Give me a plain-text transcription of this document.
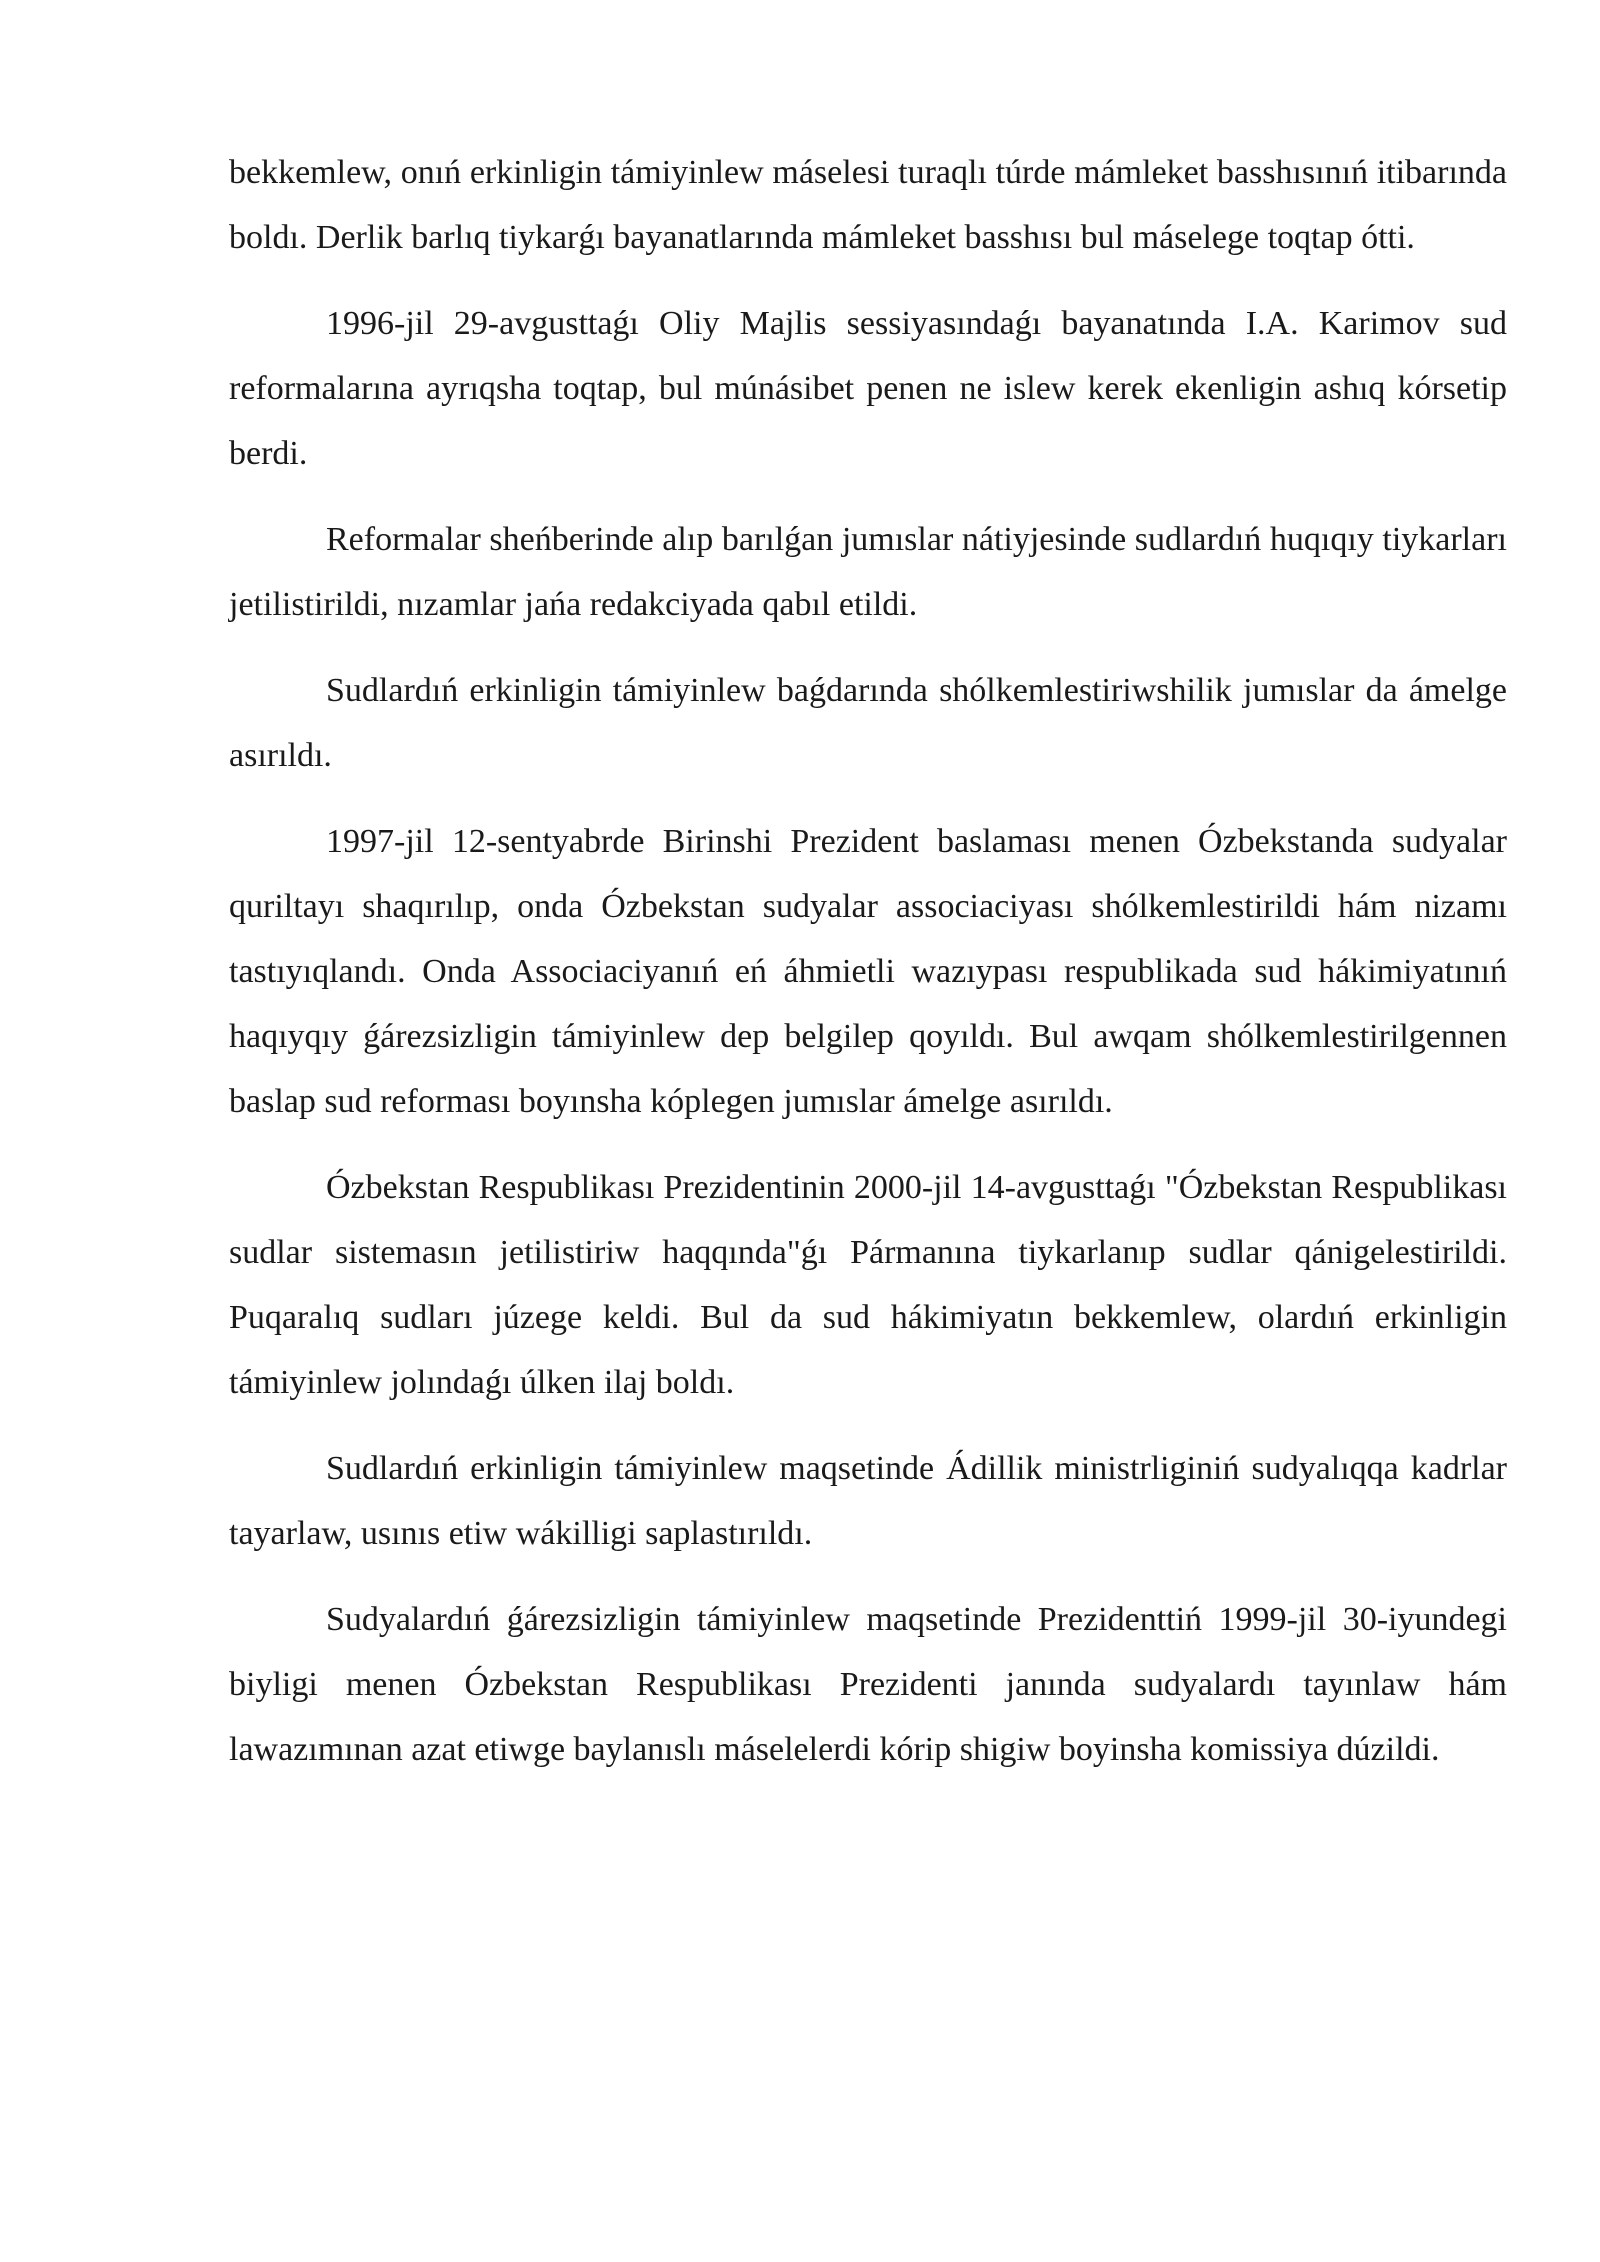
bekkemlew, onıń erkinligin támiyinlew máselesi turaqlı túrde mámleket basshısınıń itibarında boldı. Derlik barlıq tiykarǵı bayanatlarında mámleket basshısı bul máselege toqtap ótti.

1996-jil 29-avgusttaǵı Oliy Majlis sessiyasındaǵı bayanatında I.A. Karimov sud reformalarına ayrıqsha toqtap, bul múnásibet penen ne islew kerek ekenligin ashıq kórsetip berdi.

Reformalar sheńberinde alıp barılǵan jumıslar nátiyjesinde sudlardıń huqıqıy tiykarları jetilistirildi, nızamlar jańa redakciyada qabıl etildi.

Sudlardıń erkinligin támiyinlew baǵdarında shólkemlestiriwshilik jumıslar da ámelge asırıldı.

1997-jil 12-sentyabrde Birinshi Prezident baslaması menen Ózbekstanda sudyalar quriltayı shaqırılıp, onda Ózbekstan sudyalar associaciyası shólkemlestirildi hám nizamı tastıyıqlandı. Onda Associaciyanıń eń áhmietli wazıypası respublikada sud hákimiyatınıń haqıyqıy ǵárezsizligin támiyinlew dep belgilep qoyıldı. Bul awqam shólkemlestirilgennen baslap sud reforması boyınsha kóplegen jumıslar ámelge asırıldı.

Ózbekstan Respublikası Prezidentinin 2000-jil 14-avgusttaǵı "Ózbekstan Respublikası sudlar sistemasın jetilistiriw haqqında"ǵı Pármanına tiykarlanıp sudlar qánigelestirildi. Puqaralıq sudları júzege keldi. Bul da sud hákimiyatın bekkemlew, olardıń erkinligin támiyinlew jolındaǵı úlken ilaj boldı.

Sudlardıń erkinligin támiyinlew maqsetinde Ádillik ministrliginiń sudyalıqqa kadrlar tayarlaw, usınıs etiw wákilligi saplastırıldı.

Sudyalardıń ǵárezsizligin támiyinlew maqsetinde Prezidenttiń 1999-jil 30-iyundegi biyligi menen Ózbekstan Respublikası Prezidenti janında sudyalardı tayınlaw hám lawazımınan azat etiwge baylanıslı máselelerdi kórip shigiw boyinsha komissiya dúzildi.
